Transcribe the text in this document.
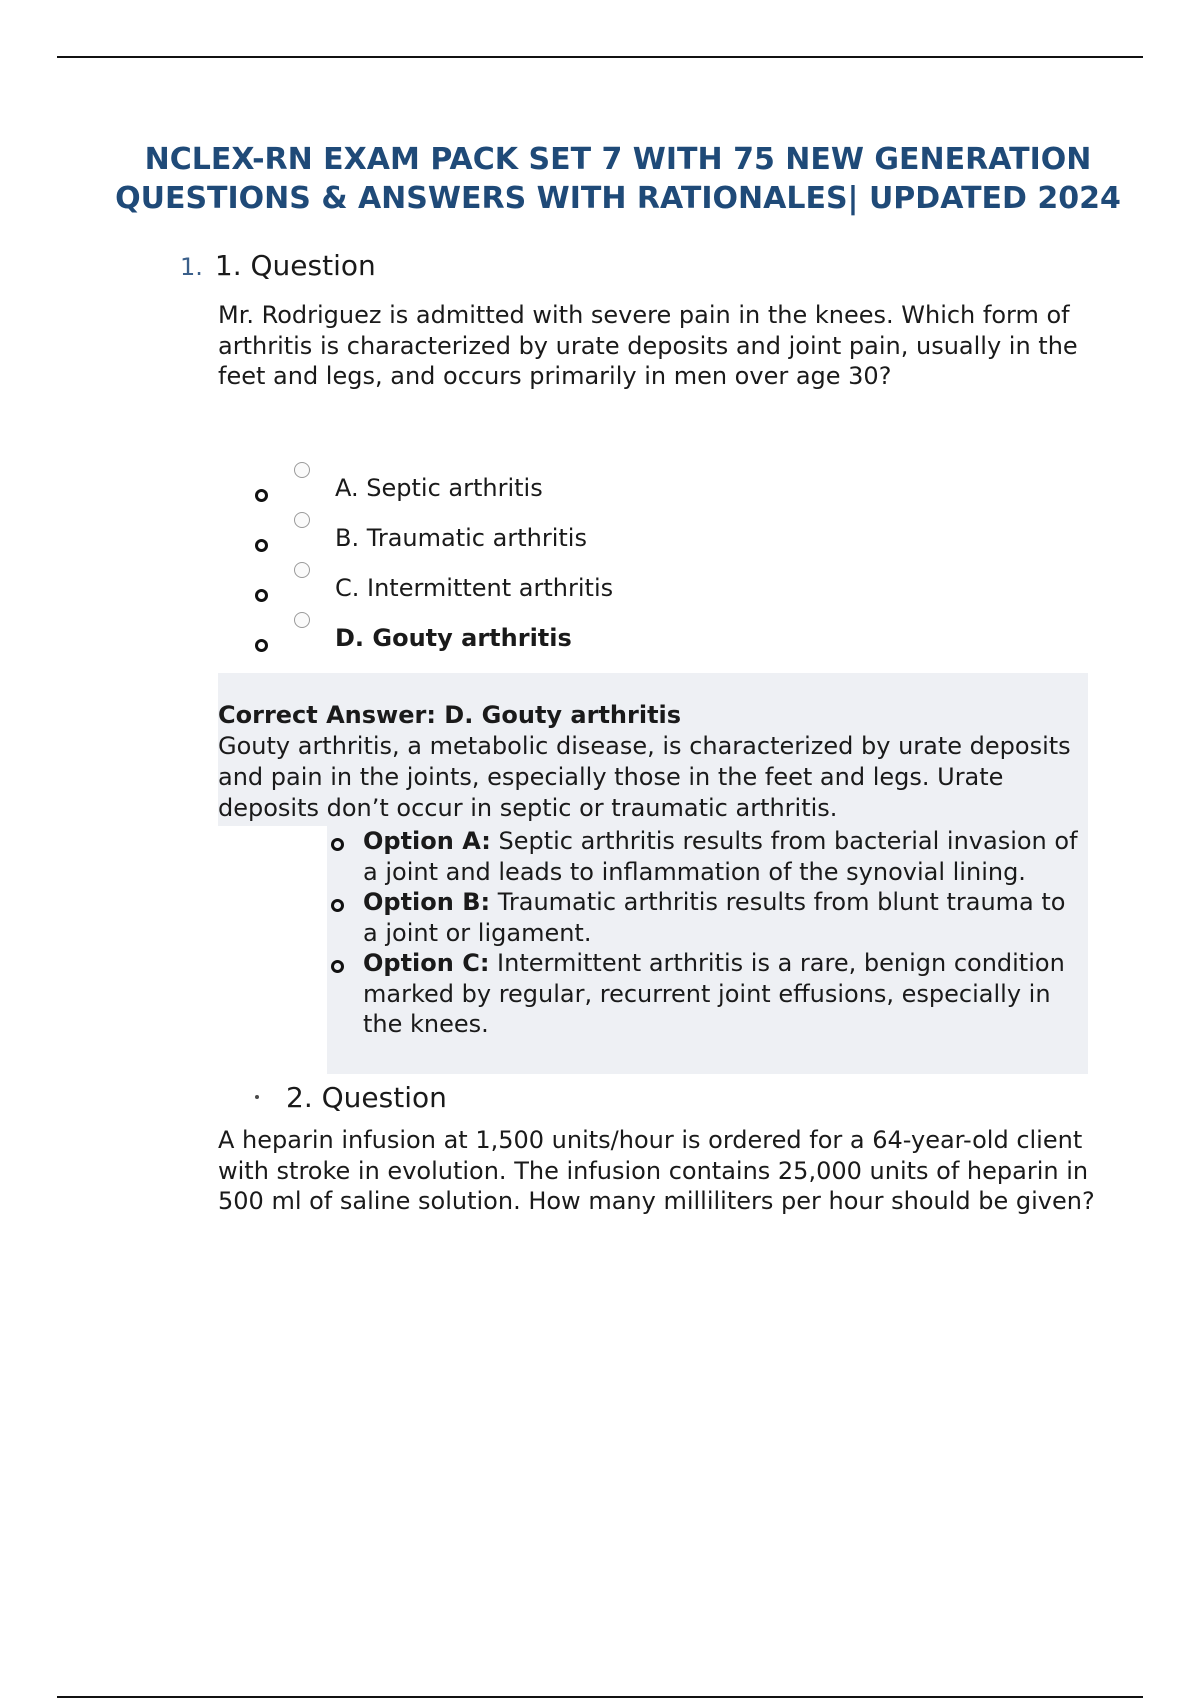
NCLEX-RN EXAM PACK SET 7 WITH 75 NEW GENERATION
QUESTIONS & ANSWERS WITH RATIONALES| UPDATED 2024
1. 1. Question
Mr. Rodriguez is admitted with severe pain in the knees. Which form of arthritis is characterized by urate deposits and joint pain, usually in the feet and legs, and occurs primarily in men over age 30?
A. Septic arthritis
B. Traumatic arthritis
C. Intermittent arthritis
D. Gouty arthritis
Correct Answer: D. Gouty arthritis
Gouty arthritis, a metabolic disease, is characterized by urate deposits and pain in the joints, especially those in the feet and legs. Urate deposits don’t occur in septic or traumatic arthritis.
Option A: Septic arthritis results from bacterial invasion of a joint and leads to inflammation of the synovial lining.
Option B: Traumatic arthritis results from blunt trauma to a joint or ligament.
Option C: Intermittent arthritis is a rare, benign condition marked by regular, recurrent joint effusions, especially in the knees.
2. Question
A heparin infusion at 1,500 units/hour is ordered for a 64-year-old client with stroke in evolution. The infusion contains 25,000 units of heparin in 500 ml of saline solution. How many milliliters per hour should be given?
